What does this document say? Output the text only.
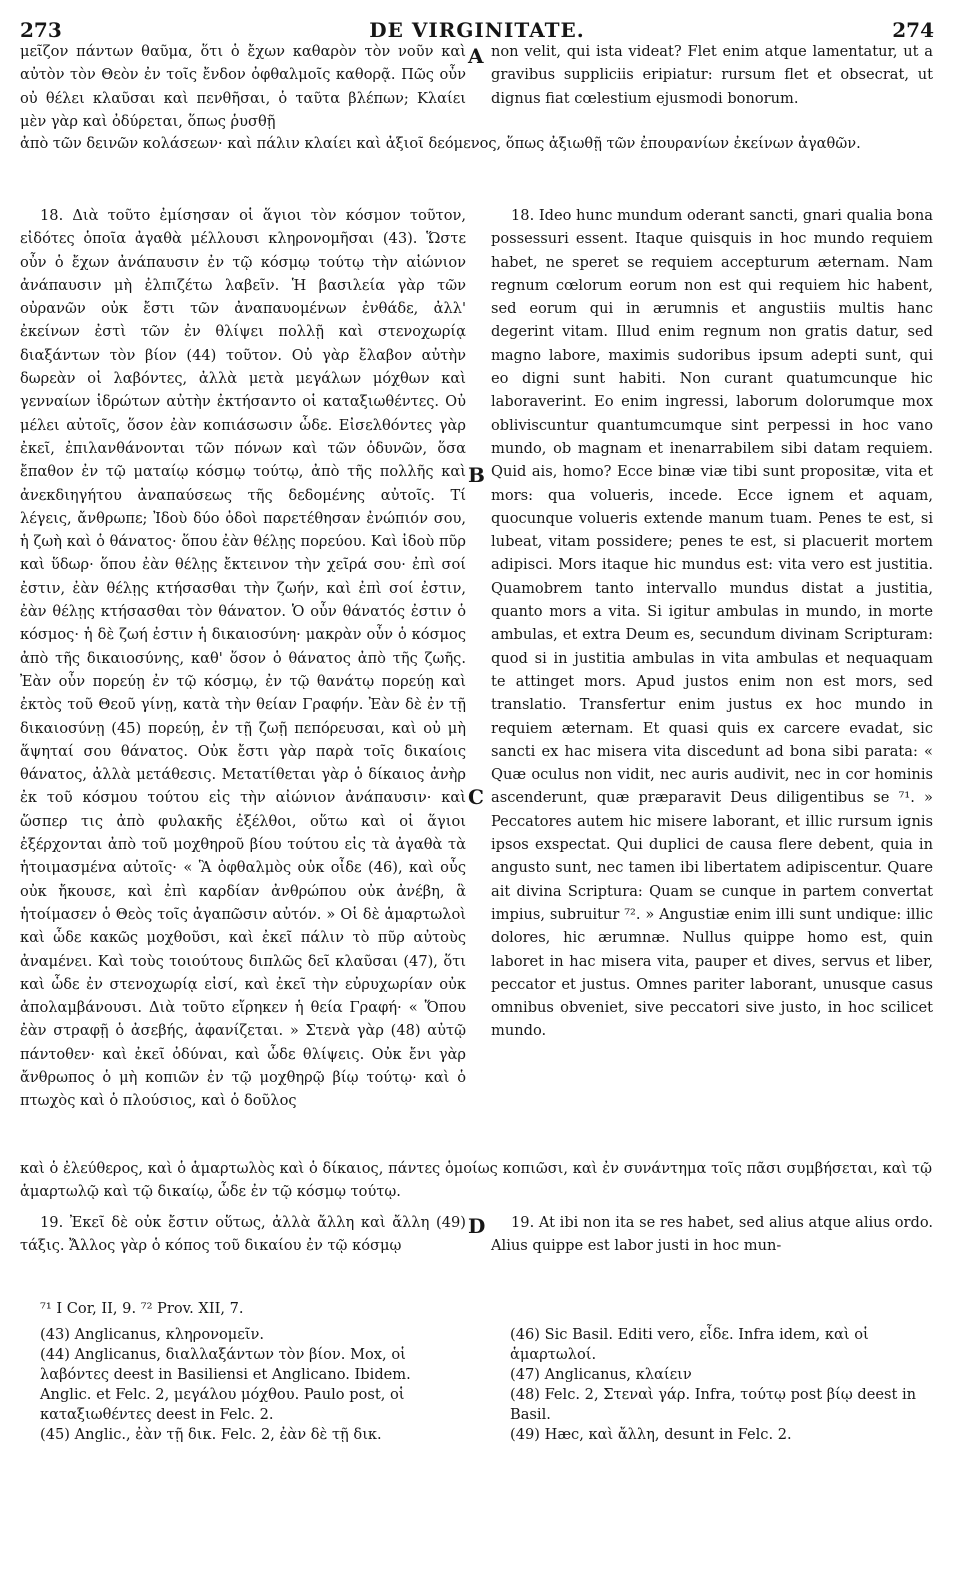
273	DE VIRGINITATE.	274

μεῖζον πάντων θαῦμα, ὅτι ὁ ἔχων καθαρὸν τὸν νοῦν καὶ αὐτὸν τὸν Θεὸν ἐν τοῖς ἔνδον ὀφθαλμοῖς καθορᾷ. Πῶς οὖν οὐ θέλει κλαῦσαι καὶ πενθῆσαι, ὁ ταῦτα βλέπων; Κλαίει μὲν γὰρ καὶ ὀδύρεται, ὅπως ῥυσθῇ

non velit, qui ista videat? Flet enim atque lamentatur, ut a gravibus suppliciis eripiatur: rursum flet et obsecrat, ut dignus fiat cœlestium ejusmodi bonorum.

ἀπὸ τῶν δεινῶν κολάσεων· καὶ πάλιν κλαίει καὶ ἀξιοῖ δεόμενος, ὅπως ἀξιωθῇ τῶν ἐπουρανίων ἐκείνων ἀγαθῶν.

18. Διὰ τοῦτο ἐμίσησαν οἱ ἅγιοι τὸν κόσμον τοῦτον, εἰδότες ὁποῖα ἀγαθὰ μέλλουσι κληρονομῆσαι (43). Ὥστε οὖν ὁ ἔχων ἀνάπαυσιν ἐν τῷ κόσμῳ τούτῳ τὴν αἰώνιον ἀνάπαυσιν μὴ ἐλπιζέτω λαβεῖν. Ἡ βασιλεία γὰρ τῶν οὐρανῶν οὐκ ἔστι τῶν ἀναπαυομένων ἐνθάδε, ἀλλ' ἐκείνων ἐστὶ τῶν ἐν θλίψει πολλῇ καὶ στενοχωρίᾳ διαξάντων τὸν βίον (44) τοῦτον. Οὐ γὰρ ἔλαβον αὐτὴν δωρεὰν οἱ λαβόντες, ἀλλὰ μετὰ μεγάλων μόχθων καὶ γενναίων ἱδρώτων αὐτὴν ἐκτήσαντο οἱ καταξιωθέντες. Οὐ μέλει αὐτοῖς, ὅσον ἐὰν κοπιάσωσιν ὧδε. Εἰσελθόντες γὰρ ἐκεῖ, ἐπιλανθάνονται τῶν πόνων καὶ τῶν ὀδυνῶν, ὅσα ἔπαθον ἐν τῷ ματαίῳ κόσμῳ τούτῳ, ἀπὸ τῆς πολλῆς καὶ ἀνεκδιηγήτου ἀναπαύσεως τῆς δεδομένης αὐτοῖς. Τί λέγεις, ἄνθρωπε; Ἰδοὺ δύο ὁδοὶ παρετέθησαν ἐνώπιόν σου, ἡ ζωὴ καὶ ὁ θάνατος· ὅπου ἐὰν θέλῃς πορεύου. Καὶ ἰδοὺ πῦρ καὶ ὕδωρ· ὅπου ἐὰν θέλῃς ἔκτεινον τὴν χεῖρά σου· ἐπὶ σοί ἐστιν, ἐὰν θέλῃς κτήσασθαι τὴν ζωήν, καὶ ἐπὶ σοί ἐστιν, ἐὰν θέλῃς κτήσασθαι τὸν θάνατον. Ὁ οὖν θάνατός ἐστιν ὁ κόσμος· ἡ δὲ ζωή ἐστιν ἡ δικαιοσύνη· μακρὰν οὖν ὁ κόσμος ἀπὸ τῆς δικαιοσύνης, καθ' ὅσον ὁ θάνατος ἀπὸ τῆς ζωῆς. Ἐὰν οὖν πορεύῃ ἐν τῷ κόσμῳ, ἐν τῷ θανάτῳ πορεύῃ καὶ ἐκτὸς τοῦ Θεοῦ γίνῃ, κατὰ τὴν θείαν Γραφήν. Ἐὰν δὲ ἐν τῇ δικαιοσύνῃ (45) πορεύῃ, ἐν τῇ ζωῇ πεπόρευσαι, καὶ οὐ μὴ ἅψηταί σου θάνατος. Οὐκ ἔστι γὰρ παρὰ τοῖς δικαίοις θάνατος, ἀλλὰ μετάθεσις. Μετατίθεται γὰρ ὁ δίκαιος ἀνὴρ ἐκ τοῦ κόσμου τούτου εἰς τὴν αἰώνιον ἀνάπαυσιν· καὶ ὥσπερ τις ἀπὸ φυλακῆς ἐξέλθοι, οὕτω καὶ οἱ ἅγιοι ἐξέρχονται ἀπὸ τοῦ μοχθηροῦ βίου τούτου εἰς τὰ ἀγαθὰ τὰ ἡτοιμασμένα αὐτοῖς· « Ἃ ὀφθαλμὸς οὐκ οἶδε (46), καὶ οὖς οὐκ ἤκουσε, καὶ ἐπὶ καρδίαν ἀνθρώπου οὐκ ἀνέβη, ἃ ἡτοίμασεν ὁ Θεὸς τοῖς ἀγαπῶσιν αὐτόν. » Οἱ δὲ ἁμαρτωλοὶ καὶ ὧδε κακῶς μοχθοῦσι, καὶ ἐκεῖ πάλιν τὸ πῦρ αὐτοὺς ἀναμένει. Καὶ τοὺς τοιούτους διπλῶς δεῖ κλαῦσαι (47), ὅτι καὶ ὧδε ἐν στενοχωρίᾳ εἰσί, καὶ ἐκεῖ τὴν εὐρυχωρίαν οὐκ ἀπολαμβάνουσι. Διὰ τοῦτο εἴρηκεν ἡ θεία Γραφή· « Ὅπου ἐὰν στραφῇ ὁ ἀσεβής, ἀφανίζεται. » Στενὰ γὰρ (48) αὐτῷ πάντοθεν· καὶ ἐκεῖ ὀδύναι, καὶ ὧδε θλίψεις. Οὐκ ἔνι γὰρ ἄνθρωπος ὁ μὴ κοπιῶν ἐν τῷ μοχθηρῷ βίῳ τούτῳ· καὶ ὁ πτωχὸς καὶ ὁ πλούσιος, καὶ ὁ δοῦλος

18. Ideo hunc mundum oderant sancti, gnari qualia bona possessuri essent. Itaque quisquis in hoc mundo requiem habet, ne speret se requiem accepturum æternam. Nam regnum cœlorum eorum non est qui requiem hic habent, sed eorum qui in ærumnis et angustiis multis hanc degerint vitam. Illud enim regnum non gratis datur, sed magno labore, maximis sudoribus ipsum adepti sunt, qui eo digni sunt habiti. Non curant quatumcunque hic laboraverint. Eo enim ingressi, laborum dolorumque mox obliviscuntur quantumcumque sint perpessi in hoc vano mundo, ob magnam et inenarrabilem sibi datam requiem. Quid ais, homo? Ecce binæ viæ tibi sunt propositæ, vita et mors: qua volueris, incede. Ecce ignem et aquam, quocunque volueris extende manum tuam. Penes te est, si lubeat, vitam possidere; penes te est, si placuerit mortem adipisci. Mors itaque hic mundus est: vita vero est justitia. Quamobrem tanto intervallo mundus distat a justitia, quanto mors a vita. Si igitur ambulas in mundo, in morte ambulas, et extra Deum es, secundum divinam Scripturam: quod si in justitia ambulas in vita ambulas et nequaquam te attinget mors. Apud justos enim non est mors, sed translatio. Transfertur enim justus ex hoc mundo in requiem æternam. Et quasi quis ex carcere evadat, sic sancti ex hac misera vita discedunt ad bona sibi parata: « Quæ oculus non vidit, nec auris audivit, nec in cor hominis ascenderunt, quæ præparavit Deus diligentibus se ⁷¹. » Peccatores autem hic misere laborant, et illic rursum ignis ipsos exspectat. Qui duplici de causa flere debent, quia in angusto sunt, nec tamen ibi libertatem adipiscentur. Quare ait divina Scriptura: Quam se cunque in partem convertat impius, subruitur ⁷². » Angustiæ enim illi sunt undique: illic dolores, hic ærumnæ. Nullus quippe homo est, quin laboret in hac misera vita, pauper et dives, servus et liber, peccator et justus. Omnes pariter laborant, unusque casus omnibus obveniet, sive peccatori sive justo, in hoc scilicet mundo.

καὶ ὁ ἐλεύθερος, καὶ ὁ ἁμαρτωλὸς καὶ ὁ δίκαιος, πάντες ὁμοίως κοπιῶσι, καὶ ἐν συνάντημα τοῖς πᾶσι συμβήσεται, καὶ τῷ ἁμαρτωλῷ καὶ τῷ δικαίῳ, ὧδε ἐν τῷ κόσμῳ τούτῳ.

19. Ἐκεῖ δὲ οὐκ ἔστιν οὕτως, ἀλλὰ ἄλλη καὶ ἄλλη (49) τάξις. Ἄλλος γὰρ ὁ κόπος τοῦ δικαίου ἐν τῷ κόσμῳ

19. At ibi non ita se res habet, sed alius atque alius ordo. Alius quippe est labor justi in hoc mun-

A
B
C
D
⁷¹ I Cor, II, 9. ⁷² Prov. XII, 7.
(43) Anglicanus, κληρονομεῖν.
(44) Anglicanus, διαλλαξάντων τὸν βίον. Mox, οἱ λαβόντες deest in Basiliensi et Anglicano. Ibidem. Anglic. et Felc. 2, μεγάλου μόχθου. Paulo post, οἱ καταξιωθέντες deest in Felc. 2.
(45) Anglic., ἐὰν τῇ δικ. Felc. 2, ἐὰν δὲ τῇ δικ.
(46) Sic Basil. Editi vero, εἶδε. Infra idem, καὶ οἱ ἁμαρτωλοί.
(47) Anglicanus, κλαίειν
(48) Felc. 2, Στεναὶ γάρ. Infra, τούτῳ post βίῳ deest in Basil.
(49) Hæc, καὶ ἄλλη, desunt in Felc. 2.
